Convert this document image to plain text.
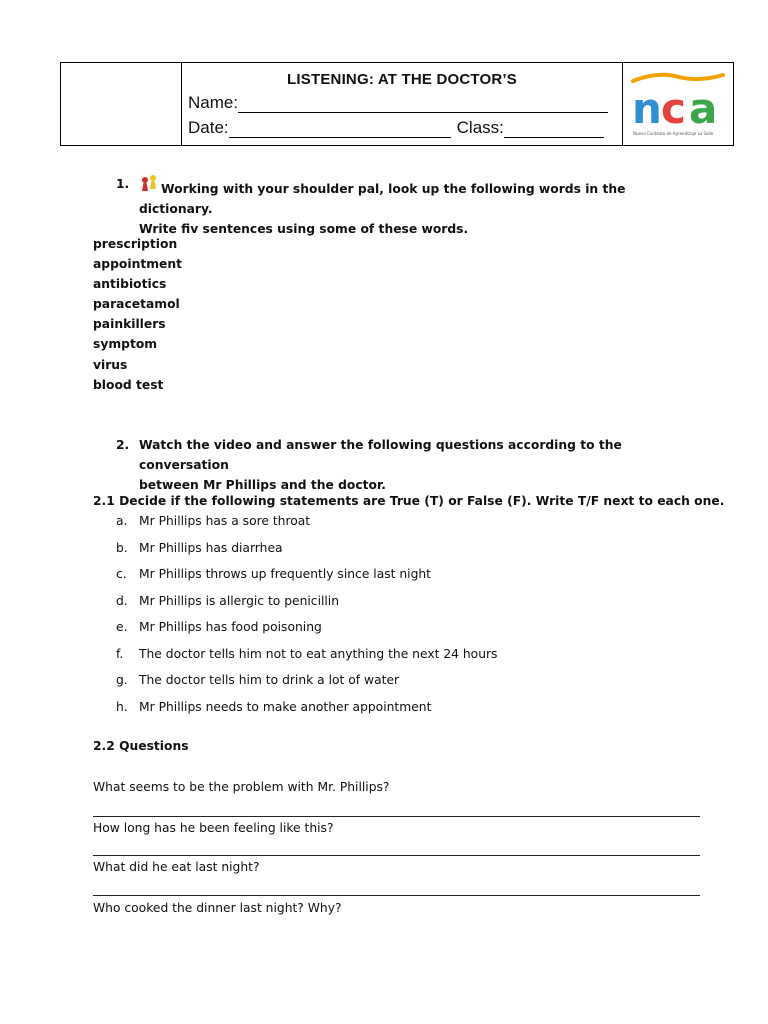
LISTENING: AT THE DOCTOR’S
Name:
Date:	Class:	n c a
Nuevo Contexto de Aprendizaje La Salle
1.	Working with your shoulder pal, look up the following words in the dictionary.
Write fiv sentences using some of these words.
prescription
appointment
antibiotics
paracetamol
painkillers
symptom
virus
blood test
2. Watch the video and answer the following questions according to the conversation
between Mr Phillips and the doctor.
2.1 Decide if the following statements are True (T) or False (F). Write T/F next to each one.
a. Mr Phillips has a sore throat
b. Mr Phillips has diarrhea
c. Mr Phillips throws up frequently since last night
d. Mr Phillips is allergic to penicillin
e. Mr Phillips has food poisoning
f. The doctor tells him not to eat anything the next 24 hours
g. The doctor tells him to drink a lot of water
h. Mr Phillips needs to make another appointment
2.2 Questions
What seems to be the problem with Mr. Phillips?
How long has he been feeling like this?
What did he eat last night?
Who cooked the dinner last night? Why?
